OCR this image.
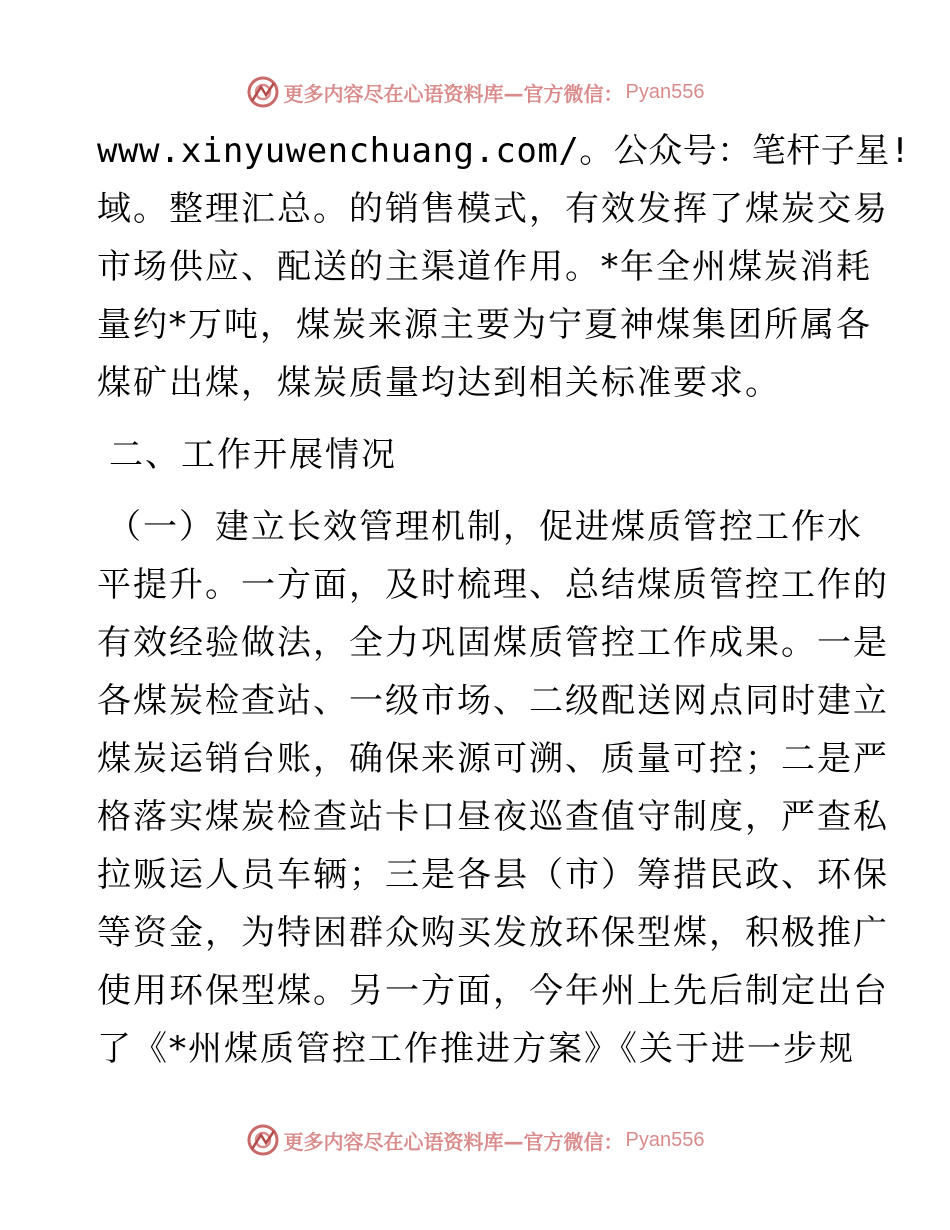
更多内容尽在心语资料库—官方微信： Pyan556
www.xinyuwenchuang.com/。公众号：笔杆子星!
域。整理汇总。的销售模式，有效发挥了煤炭交易
市场供应、配送的主渠道作用。*年全州煤炭消耗
量约*万吨，煤炭来源主要为宁夏神煤集团所属各
煤矿出煤，煤炭质量均达到相关标准要求。
二、工作开展情况
（一）建立长效管理机制，促进煤质管控工作水
平提升。一方面，及时梳理、总结煤质管控工作的
有效经验做法，全力巩固煤质管控工作成果。一是
各煤炭检查站、一级市场、二级配送网点同时建立
煤炭运销台账，确保来源可溯、质量可控；二是严
格落实煤炭检查站卡口昼夜巡查值守制度，严查私
拉贩运人员车辆；三是各县（市）筹措民政、环保
等资金，为特困群众购买发放环保型煤，积极推广
使用环保型煤。另一方面，今年州上先后制定出台
了《*州煤质管控工作推进方案》《关于进一步规
更多内容尽在心语资料库—官方微信： Pyan556
